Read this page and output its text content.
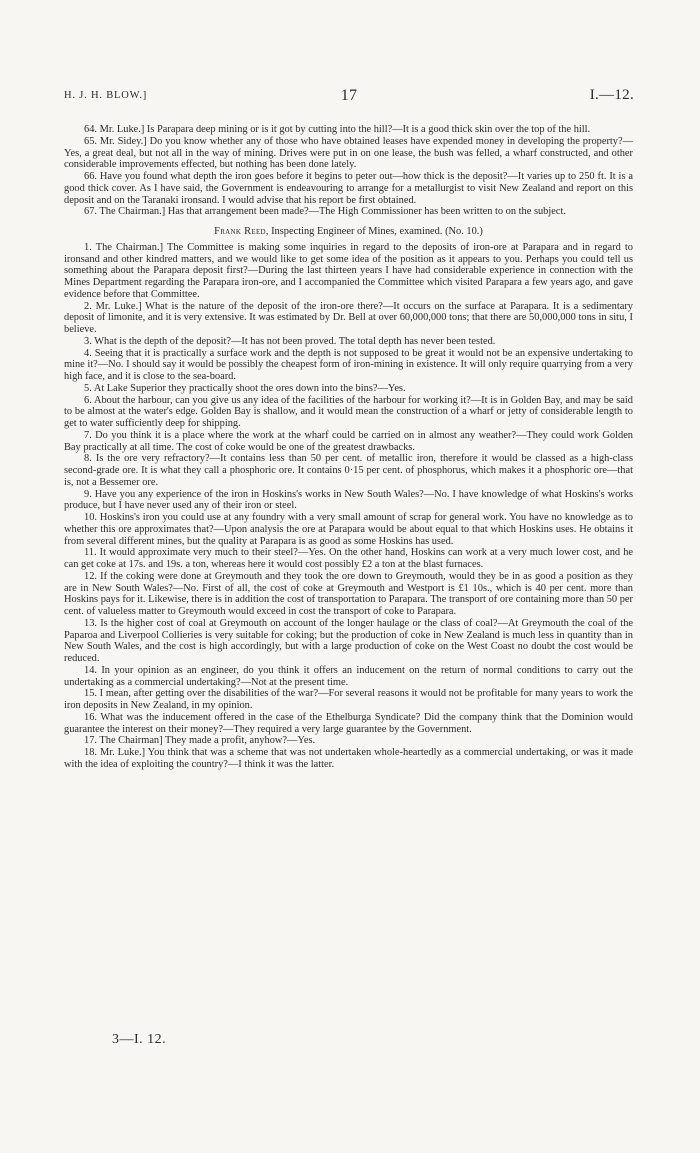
H. J. H. BLOW.]	17	I.—12.

64. Mr. Luke.] Is Parapara deep mining or is it got by cutting into the hill?—It is a good thick skin over the top of the hill.

65. Mr. Sidey.] Do you know whether any of those who have obtained leases have expended money in developing the property?—Yes, a great deal, but not all in the way of mining. Drives were put in on one lease, the bush was felled, a wharf constructed, and other considerable improvements effected, but nothing has been done lately.

66. Have you found what depth the iron goes before it begins to peter out—how thick is the deposit?—It varies up to 250 ft. It is a good thick cover. As I have said, the Government is endeavouring to arrange for a metallurgist to visit New Zealand and report on this deposit and on the Taranaki ironsand. I would advise that his report be first obtained.

67. The Chairman.] Has that arrangement been made?—The High Commissioner has been written to on the subject.

Frank Reed, Inspecting Engineer of Mines, examined. (No. 10.)

1. The Chairman.] The Committee is making some inquiries in regard to the deposits of iron-ore at Parapara and in regard to ironsand and other kindred matters, and we would like to get some idea of the position as it appears to you. Perhaps you could tell us something about the Parapara deposit first?—During the last thirteen years I have had considerable experience in connection with the Mines Department regarding the Parapara iron-ore, and I accompanied the Committee which visited Parapara a few years ago, and gave evidence before that Committee.

2. Mr. Luke.] What is the nature of the deposit of the iron-ore there?—It occurs on the surface at Parapara. It is a sedimentary deposit of limonite, and it is very extensive. It was estimated by Dr. Bell at over 60,000,000 tons; that there are 50,000,000 tons in situ, I believe.

3. What is the depth of the deposit?—It has not been proved. The total depth has never been tested.

4. Seeing that it is practically a surface work and the depth is not supposed to be great it would not be an expensive undertaking to mine it?—No. I should say it would be possibly the cheapest form of iron-mining in existence. It will only require quarrying from a very high face, and it is close to the sea-board.

5. At Lake Superior they practically shoot the ores down into the bins?—Yes.

6. About the harbour, can you give us any idea of the facilities of the harbour for working it?—It is in Golden Bay, and may be said to be almost at the water's edge. Golden Bay is shallow, and it would mean the construction of a wharf or jetty of considerable length to get to water sufficiently deep for shipping.

7. Do you think it is a place where the work at the wharf could be carried on in almost any weather?—They could work Golden Bay practically at all time. The cost of coke would be one of the greatest drawbacks.

8. Is the ore very refractory?—It contains less than 50 per cent. of metallic iron, therefore it would be classed as a high-class second-grade ore. It is what they call a phosphoric ore. It contains 0·15 per cent. of phosphorus, which makes it a phosphoric ore—that is, not a Bessemer ore.

9. Have you any experience of the iron in Hoskins's works in New South Wales?—No. I have knowledge of what Hoskins's works produce, but I have never used any of their iron or steel.

10. Hoskins's iron you could use at any foundry with a very small amount of scrap for general work. You have no knowledge as to whether this ore approximates that?—Upon analysis the ore at Parapara would be about equal to that which Hoskins uses. He obtains it from several different mines, but the quality at Parapara is as good as some Hoskins has used.

11. It would approximate very much to their steel?—Yes. On the other hand, Hoskins can work at a very much lower cost, and he can get coke at 17s. and 19s. a ton, whereas here it would cost possibly £2 a ton at the blast furnaces.

12. If the coking were done at Greymouth and they took the ore down to Greymouth, would they be in as good a position as they are in New South Wales?—No. First of all, the cost of coke at Greymouth and Westport is £1 10s., which is 40 per cent. more than Hoskins pays for it. Likewise, there is in addition the cost of transportation to Parapara. The transport of ore containing more than 50 per cent. of valueless matter to Greymouth would exceed in cost the transport of coke to Parapara.

13. Is the higher cost of coal at Greymouth on account of the longer haulage or the class of coal?—At Greymouth the coal of the Paparoa and Liverpool Collieries is very suitable for coking; but the production of coke in New Zealand is much less in quantity than in New South Wales, and the cost is high accordingly, but with a large production of coke on the West Coast no doubt the cost would be reduced.

14. In your opinion as an engineer, do you think it offers an inducement on the return of normal conditions to carry out the undertaking as a commercial undertaking?—Not at the present time.

15. I mean, after getting over the disabilities of the war?—For several reasons it would not be profitable for many years to work the iron deposits in New Zealand, in my opinion.

16. What was the inducement offered in the case of the Ethelburga Syndicate? Did the company think that the Dominion would guarantee the interest on their money?—They required a very large guarantee by the Government.

17. The Chairman] They made a profit, anyhow?—Yes.

18. Mr. Luke.] You think that was a scheme that was not undertaken whole-heartedly as a commercial undertaking, or was it made with the idea of exploiting the country?—I think it was the latter.

3—I. 12.
